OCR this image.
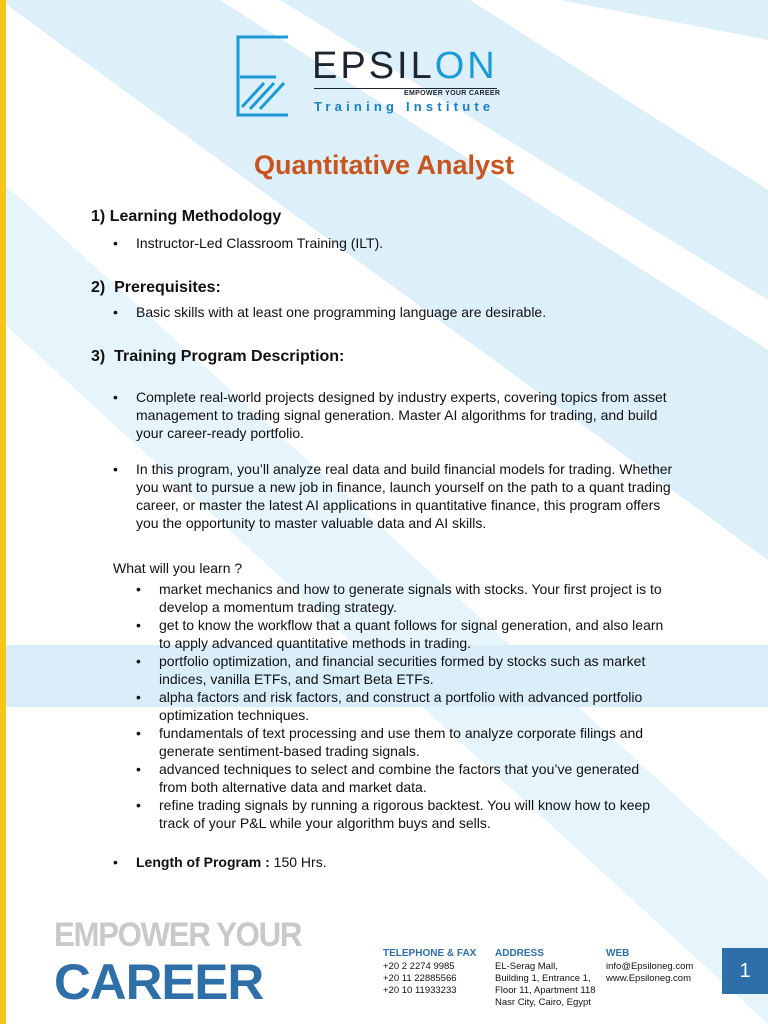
EPSILON
EMPOWER YOUR CAREER
Training Institute
Quantitative Analyst
1) Learning Methodology
• Instructor-Led Classroom Training (ILT).
2) Prerequisites:
• Basic skills with at least one programming language are desirable.
3) Training Program Description:
• Complete real-world projects designed by industry experts, covering topics from asset management to trading signal generation. Master AI algorithms for trading, and build your career-ready portfolio.
• In this program, you’ll analyze real data and build financial models for trading. Whether you want to pursue a new job in finance, launch yourself on the path to a quant trading career, or master the latest AI applications in quantitative finance, this program offers you the opportunity to master valuable data and AI skills.
What will you learn ?
• market mechanics and how to generate signals with stocks. Your first project is to develop a momentum trading strategy.
• get to know the workflow that a quant follows for signal generation, and also learn to apply advanced quantitative methods in trading.
• portfolio optimization, and financial securities formed by stocks such as market indices, vanilla ETFs, and Smart Beta ETFs.
• alpha factors and risk factors, and construct a portfolio with advanced portfolio optimization techniques.
• fundamentals of text processing and use them to analyze corporate filings and generate sentiment-based trading signals.
• advanced techniques to select and combine the factors that you’ve generated from both alternative data and market data.
• refine trading signals by running a rigorous backtest. You will know how to keep track of your P&L while your algorithm buys and sells.
• Length of Program : 150 Hrs.
EMPOWER YOUR
CAREER
TELEPHONE & FAX
+20 2 2274 9985
+20 11 22885566
+20 10 11933233
ADDRESS
EL-Serag Mall,
Building 1, Entrance 1,
Floor 11, Apartment 118
Nasr City, Cairo, Egypt
WEB
info@Epsiloneg.com
www.Epsiloneg.com	1
